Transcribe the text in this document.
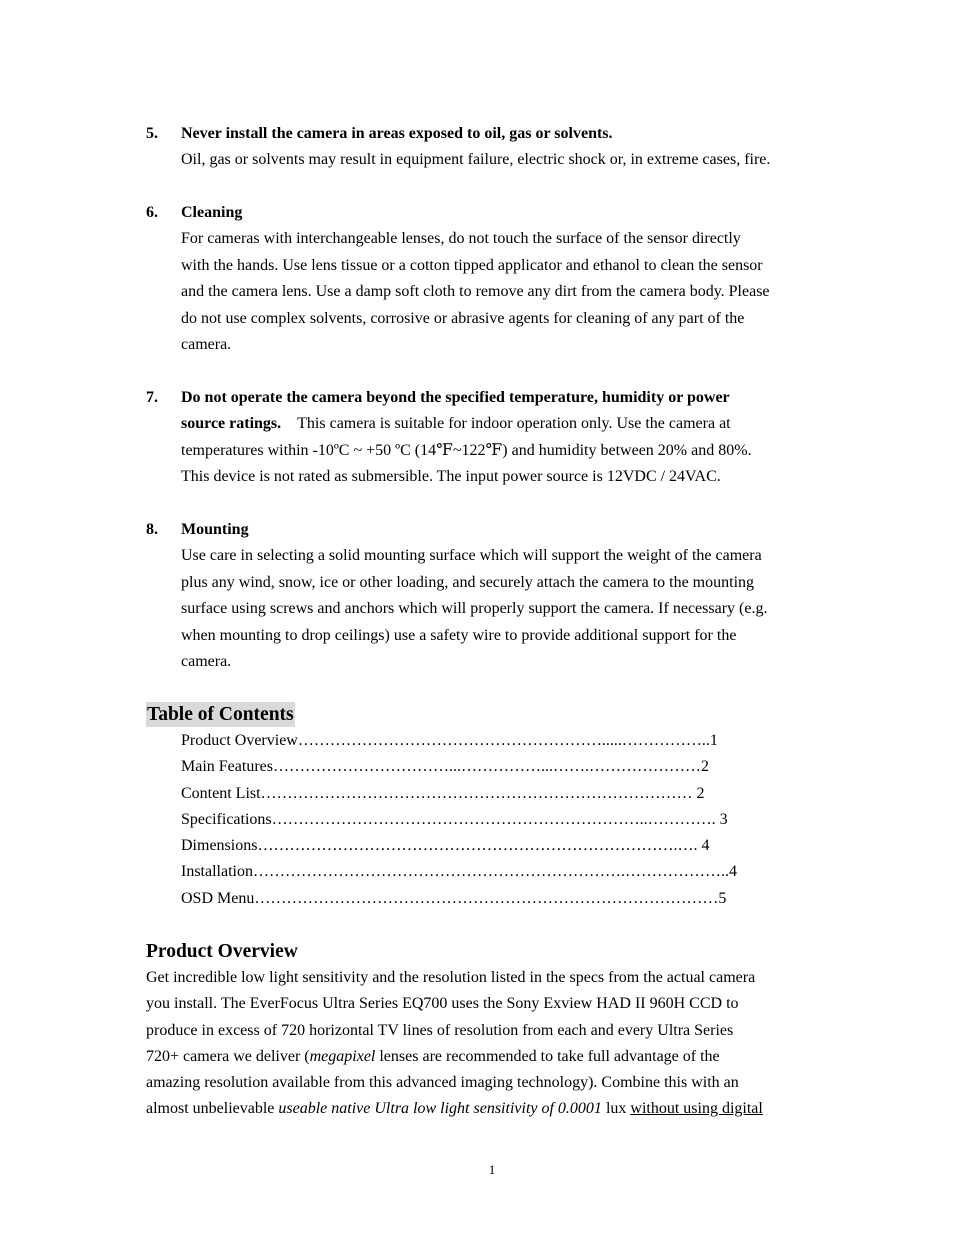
5. Never install the camera in areas exposed to oil, gas or solvents.
Oil, gas or solvents may result in equipment failure, electric shock or, in extreme cases, fire.
6. Cleaning
For cameras with interchangeable lenses, do not touch the surface of the sensor directly
with the hands. Use lens tissue or a cotton tipped applicator and ethanol to clean the sensor
and the camera lens. Use a damp soft cloth to remove any dirt from the camera body. Please
do not use complex solvents, corrosive or abrasive agents for cleaning of any part of the
camera.
7. Do not operate the camera beyond the specified temperature, humidity or power
source ratings. This camera is suitable for indoor operation only. Use the camera at
temperatures within -10ºC ~ +50 ºC (14℉~122℉) and humidity between 20% and 80%.
This device is not rated as submersible. The input power source is 12VDC / 24VAC.
8. Mounting
Use care in selecting a solid mounting surface which will support the weight of the camera
plus any wind, snow, ice or other loading, and securely attach the camera to the mounting
surface using screws and anchors which will properly support the camera. If necessary (e.g.
when mounting to drop ceilings) use a safety wire to provide additional support for the
camera.
Table of Contents
Product Overview………………………………………………….....……………..1
Main Features……………………………...……………...…….…………………2
Content List……………………………………………………………………… 2
Specifications……………………………………………………………..…………. 3
Dimensions…………………………………………………………………….…. 4
Installation…………………………………………………………….………………..4
OSD Menu……………………………………………………………………………5
Product Overview
Get incredible low light sensitivity and the resolution listed in the specs from the actual camera
you install. The EverFocus Ultra Series EQ700 uses the Sony Exview HAD II 960H CCD to
produce in excess of 720 horizontal TV lines of resolution from each and every Ultra Series
720+ camera we deliver (megapixel lenses are recommended to take full advantage of the
amazing resolution available from this advanced imaging technology). Combine this with an
almost unbelievable useable native Ultra low light sensitivity of 0.0001 lux without using digital
1
